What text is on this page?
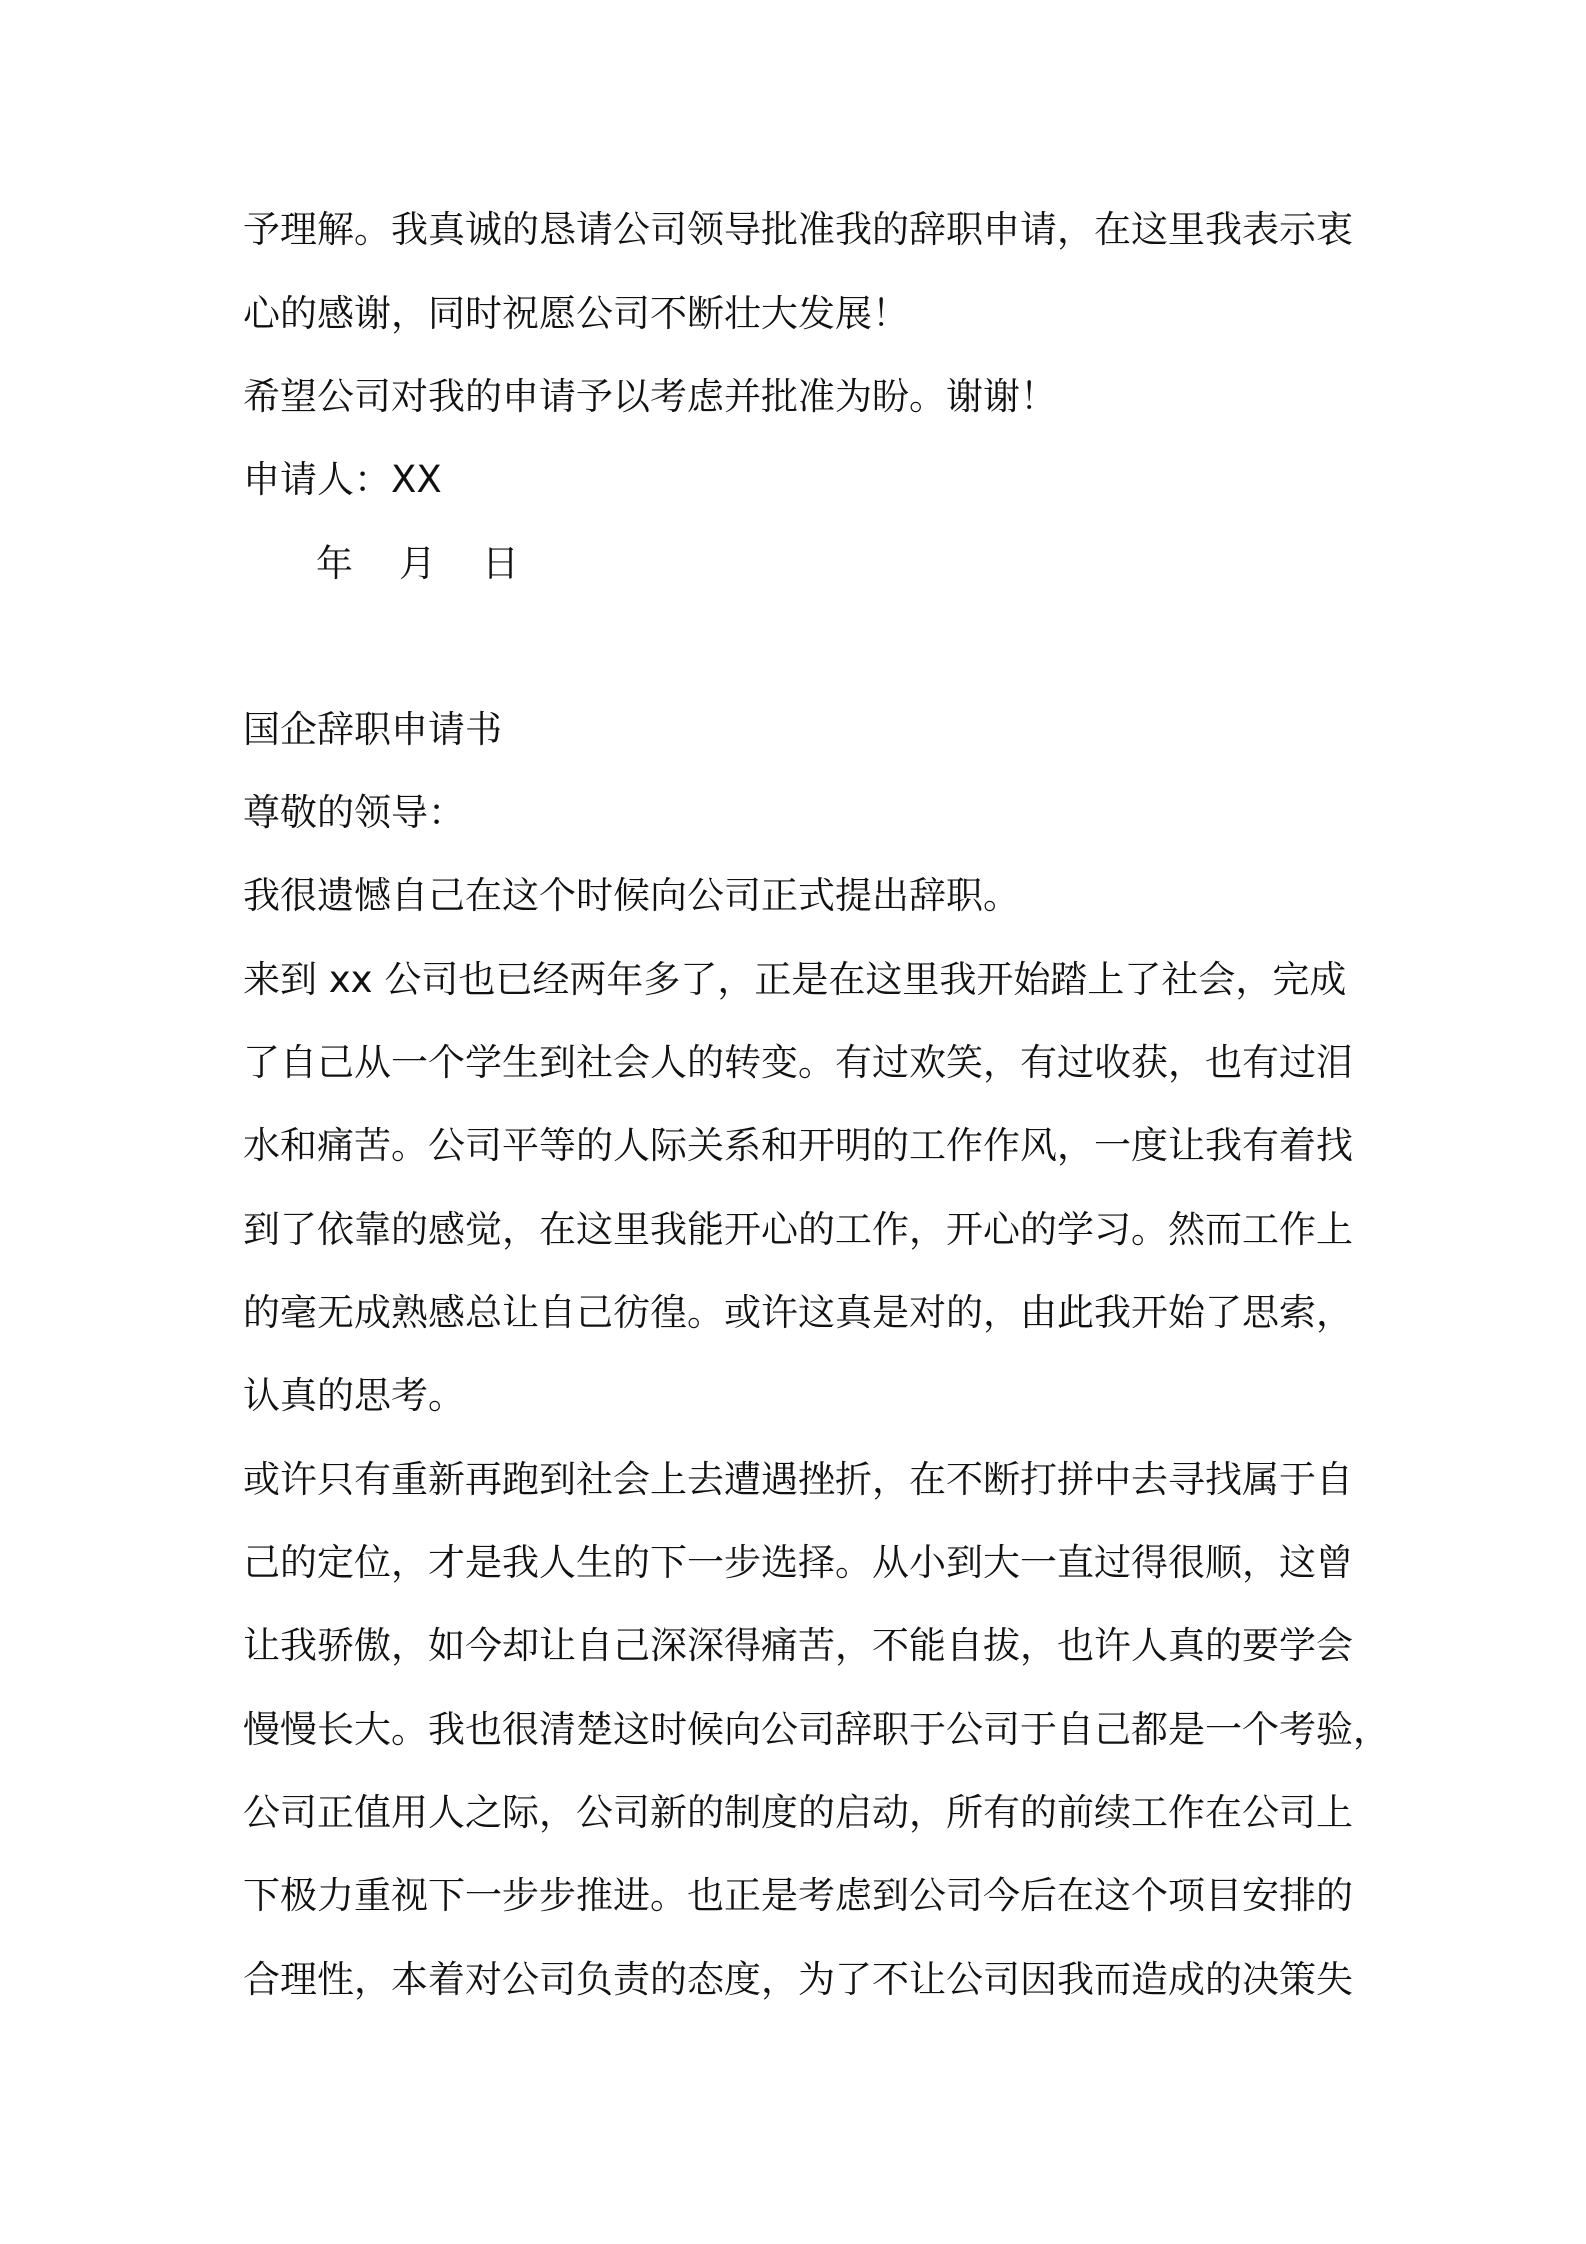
予理解。我真诚的恳请公司领导批准我的辞职申请，在这里我表示衷
心的感谢，同时祝愿公司不断壮大发展！
希望公司对我的申请予以考虑并批准为盼。谢谢！
申请人：XX
年 月 日
国企辞职申请书
尊敬的领导：
我很遗憾自己在这个时候向公司正式提出辞职。
来到 xx 公司也已经两年多了，正是在这里我开始踏上了社会，完成
了自己从一个学生到社会人的转变。有过欢笑，有过收获，也有过泪
水和痛苦。公司平等的人际关系和开明的工作作风，一度让我有着找
到了依靠的感觉，在这里我能开心的工作，开心的学习。然而工作上
的毫无成熟感总让自己彷徨。或许这真是对的，由此我开始了思索，
认真的思考。
或许只有重新再跑到社会上去遭遇挫折，在不断打拼中去寻找属于自
己的定位，才是我人生的下一步选择。从小到大一直过得很顺，这曾
让我骄傲，如今却让自己深深得痛苦，不能自拔，也许人真的要学会
慢慢长大。我也很清楚这时候向公司辞职于公司于自己都是一个考验，
公司正值用人之际，公司新的制度的启动，所有的前续工作在公司上
下极力重视下一步步推进。也正是考虑到公司今后在这个项目安排的
合理性，本着对公司负责的态度，为了不让公司因我而造成的决策失
